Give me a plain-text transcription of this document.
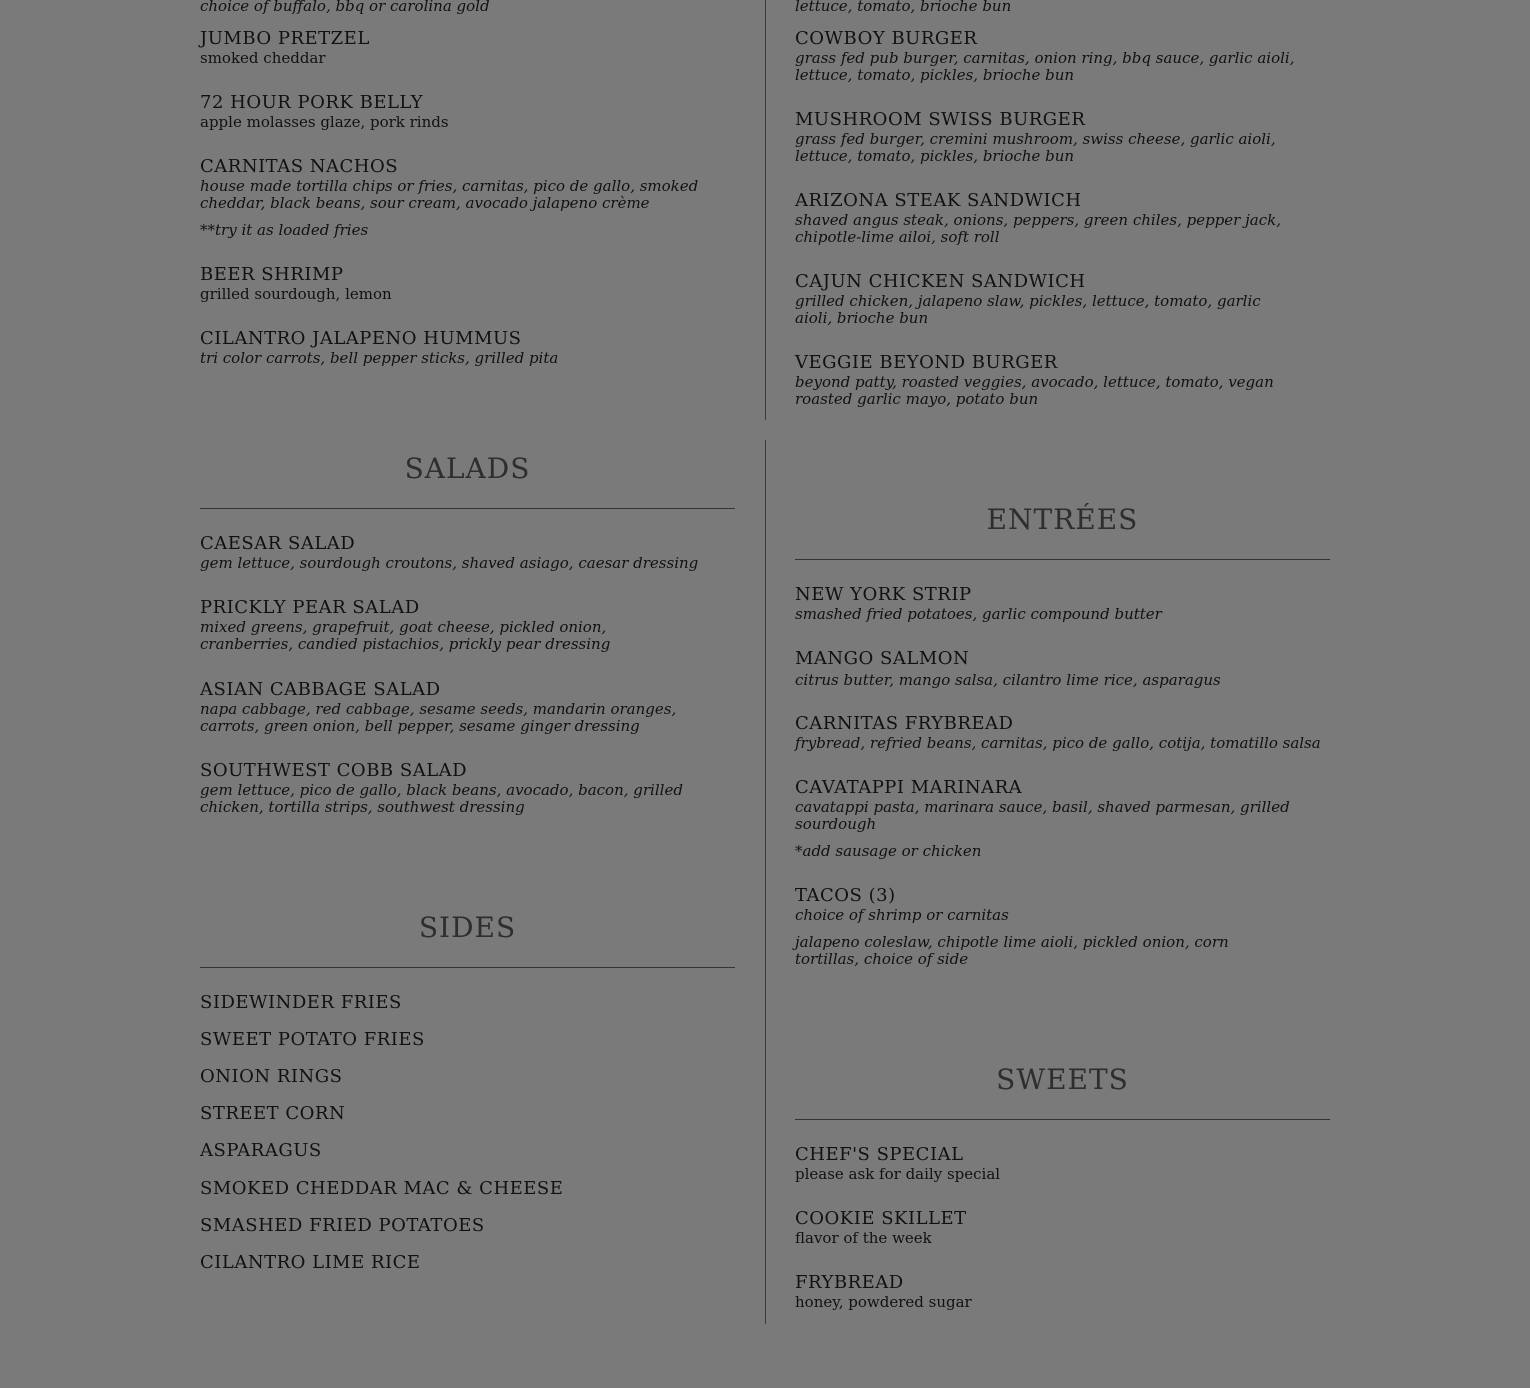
choice of buffalo, bbq or carolina gold
JUMBO PRETZEL
smoked cheddar
72 HOUR PORK BELLY
apple molasses glaze, pork rinds
CARNITAS NACHOS
house made tortilla chips or fries, carnitas, pico de gallo, smoked cheddar, black beans, sour cream, avocado jalapeno crème
**try it as loaded fries
BEER SHRIMP
grilled sourdough, lemon
CILANTRO JALAPENO HUMMUS
tri color carrots, bell pepper sticks, grilled pita
lettuce, tomato, brioche bun
COWBOY BURGER
grass fed pub burger, carnitas, onion ring, bbq sauce, garlic aioli, lettuce, tomato, pickles, brioche bun
MUSHROOM SWISS BURGER
grass fed burger, cremini mushroom, swiss cheese, garlic aioli, lettuce, tomato, pickles, brioche bun
ARIZONA STEAK SANDWICH
shaved angus steak, onions, peppers, green chiles, pepper jack, chipotle-lime ailoi, soft roll
CAJUN CHICKEN SANDWICH
grilled chicken, jalapeno slaw, pickles, lettuce, tomato, garlic aioli, brioche bun
VEGGIE BEYOND BURGER
beyond patty, roasted veggies, avocado, lettuce, tomato, vegan roasted garlic mayo, potato bun
SALADS
CAESAR SALAD
gem lettuce, sourdough croutons, shaved asiago, caesar dressing
PRICKLY PEAR SALAD
mixed greens, grapefruit, goat cheese, pickled onion, cranberries, candied pistachios, prickly pear dressing
ASIAN CABBAGE SALAD
napa cabbage, red cabbage, sesame seeds, mandarin oranges, carrots, green onion, bell pepper, sesame ginger dressing
SOUTHWEST COBB SALAD
gem lettuce, pico de gallo, black beans, avocado, bacon, grilled chicken, tortilla strips, southwest dressing
SIDES
SIDEWINDER FRIES
SWEET POTATO FRIES
ONION RINGS
STREET CORN
ASPARAGUS
SMOKED CHEDDAR MAC & CHEESE
SMASHED FRIED POTATOES
CILANTRO LIME RICE
ENTRÉES
NEW YORK STRIP
smashed fried potatoes, garlic compound butter
MANGO SALMON
citrus butter, mango salsa, cilantro lime rice, asparagus
CARNITAS FRYBREAD
frybread, refried beans, carnitas, pico de gallo, cotija, tomatillo salsa
CAVATAPPI MARINARA
cavatappi pasta, marinara sauce, basil, shaved parmesan, grilled sourdough
*add sausage or chicken
TACOS (3)
choice of shrimp or carnitas
jalapeno coleslaw, chipotle lime aioli, pickled onion, corn tortillas, choice of side
SWEETS
CHEF'S SPECIAL
please ask for daily special
COOKIE SKILLET
flavor of the week
FRYBREAD
honey, powdered sugar
